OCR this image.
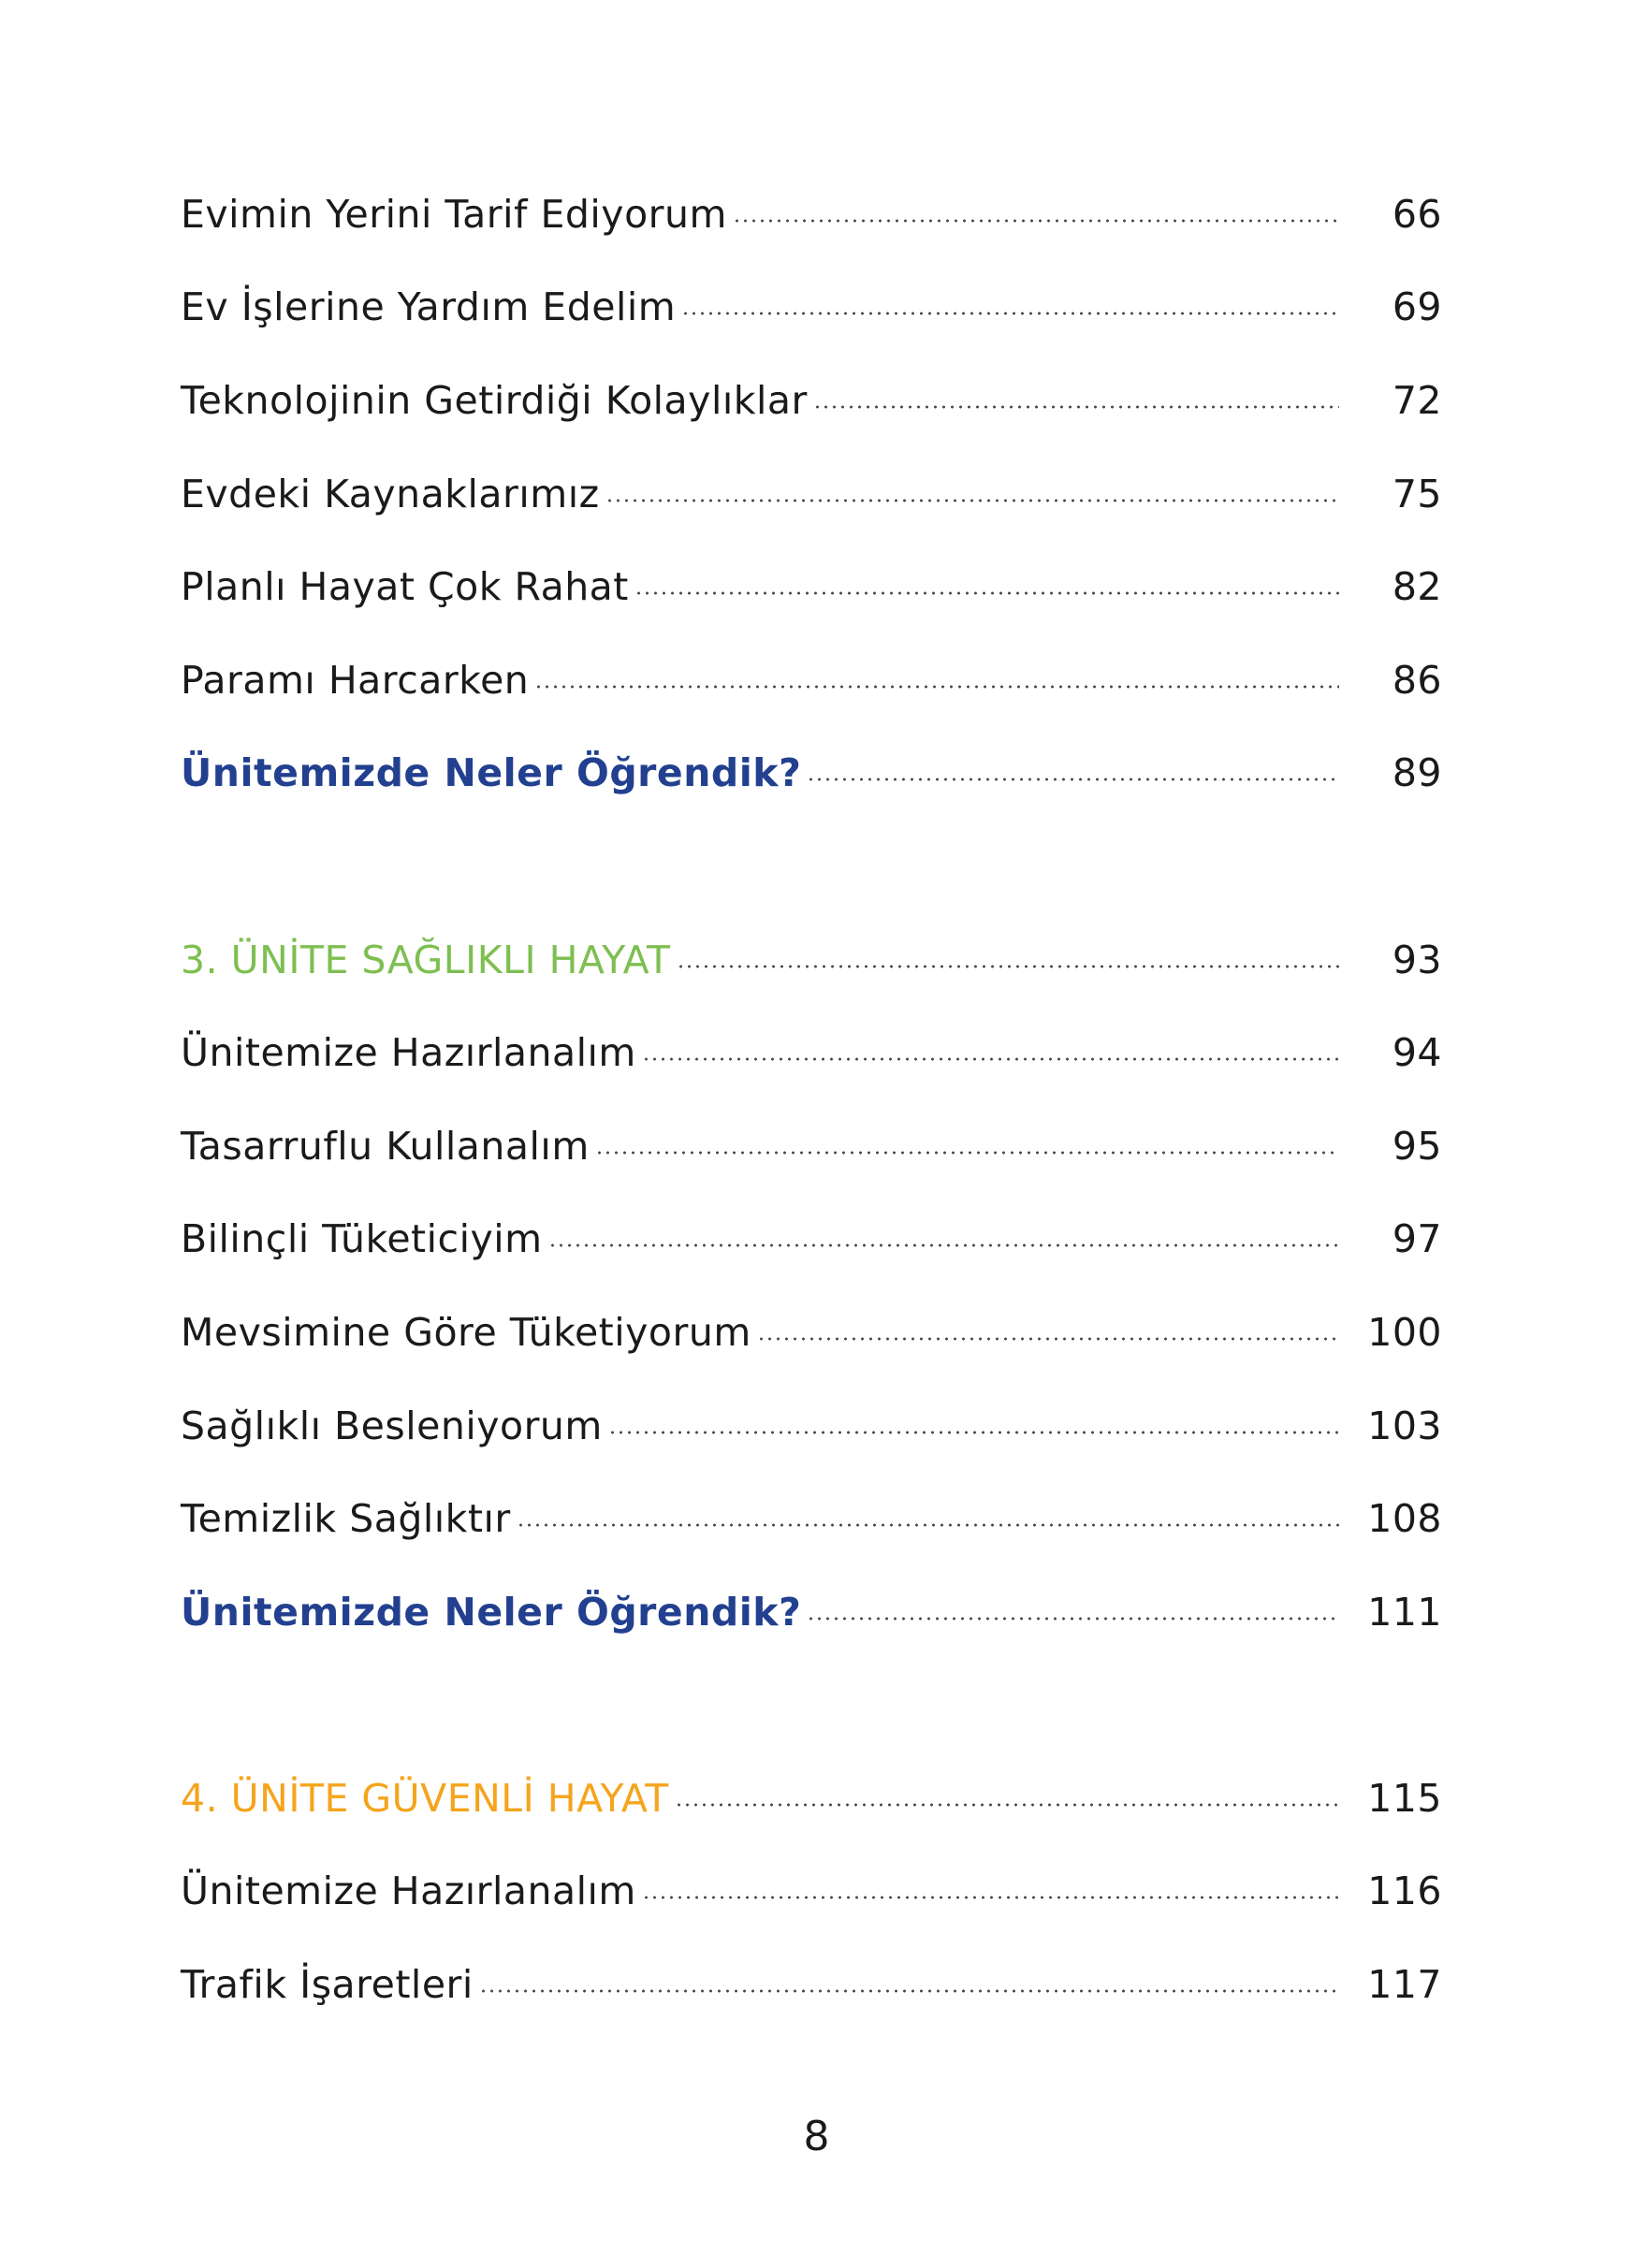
Evimin Yerini Tarif Ediyorum	66
Ev İşlerine Yardım Edelim	69
Teknolojinin Getirdiği Kolaylıklar	72
Evdeki Kaynaklarımız	75
Planlı Hayat Çok Rahat	82
Paramı Harcarken	86
Ünitemizde Neler Öğrendik?	89
3. ÜNİTE SAĞLIKLI HAYAT	93
Ünitemize Hazırlanalım	94
Tasarruflu Kullanalım	95
Bilinçli Tüketiciyim	97
Mevsimine Göre Tüketiyorum	100
Sağlıklı Besleniyorum	103
Temizlik Sağlıktır	108
Ünitemizde Neler Öğrendik?	111
4. ÜNİTE GÜVENLİ HAYAT	115
Ünitemize Hazırlanalım	116
Trafik İşaretleri	117
8
